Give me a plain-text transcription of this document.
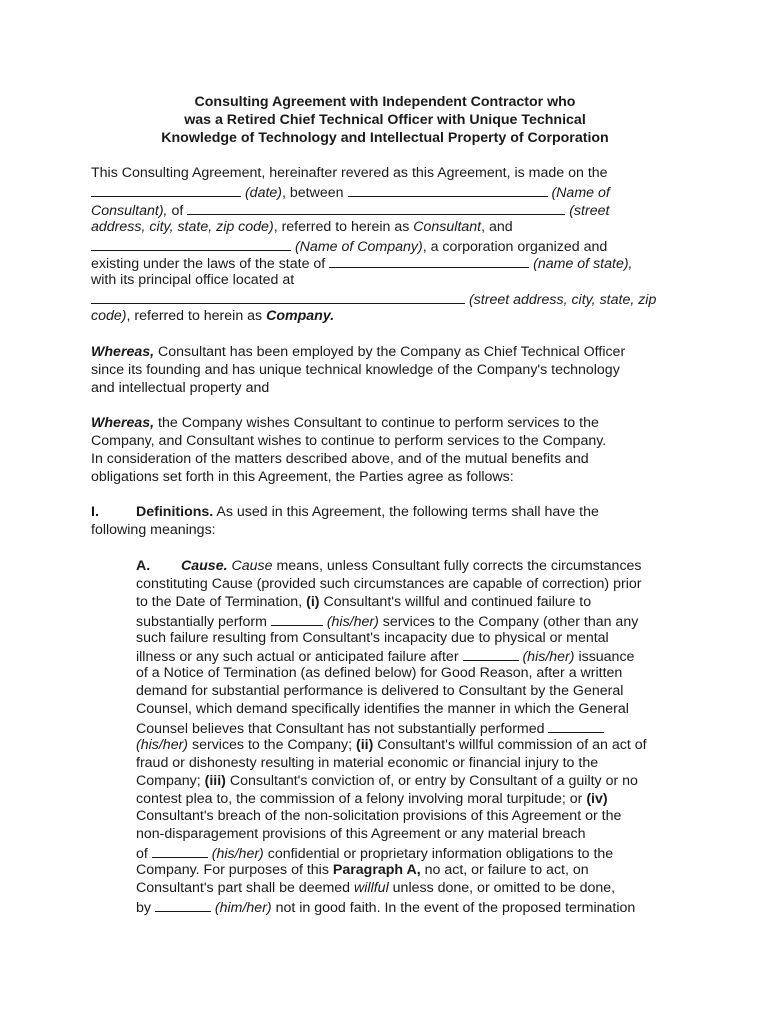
Consulting Agreement with Independent Contractor who
was a Retired Chief Technical Officer with Unique Technical
Knowledge of Technology and Intellectual Property of Corporation
This Consulting Agreement, hereinafter revered as this Agreement, is made on the
(date), between	(Name of
Consultant), of	(street
address, city, state, zip code), referred to herein as Consultant, and
(Name of Company), a corporation organized and
existing under the laws of the state of	(name of state),
with its principal office located at
(street address, city, state, zip
code), referred to herein as Company.
Whereas, Consultant has been employed by the Company as Chief Technical Officer
since its founding and has unique technical knowledge of the Company's technology
and intellectual property and
Whereas, the Company wishes Consultant to continue to perform services to the
Company, and Consultant wishes to continue to perform services to the Company.
In consideration of the matters described above, and of the mutual benefits and
obligations set forth in this Agreement, the Parties agree as follows:
I.	Definitions. As used in this Agreement, the following terms shall have the
following meanings:
A. Cause. Cause means, unless Consultant fully corrects the circumstances
constituting Cause (provided such circumstances are capable of correction) prior
to the Date of Termination, (i) Consultant's willful and continued failure to
substantially perform	(his/her) services to the Company (other than any
such failure resulting from Consultant's incapacity due to physical or mental
illness or any such actual or anticipated failure after	(his/her) issuance
of a Notice of Termination (as defined below) for Good Reason, after a written
demand for substantial performance is delivered to Consultant by the General
Counsel, which demand specifically identifies the manner in which the General
Counsel believes that Consultant has not substantially performed
(his/her) services to the Company; (ii) Consultant's willful commission of an act of
fraud or dishonesty resulting in material economic or financial injury to the
Company; (iii) Consultant's conviction of, or entry by Consultant of a guilty or no
contest plea to, the commission of a felony involving moral turpitude; or (iv)
Consultant's breach of the non-solicitation provisions of this Agreement or the
non-disparagement provisions of this Agreement or any material breach
of	(his/her) confidential or proprietary information obligations to the
Company. For purposes of this Paragraph A, no act, or failure to act, on
Consultant's part shall be deemed willful unless done, or omitted to be done,
by	(him/her) not in good faith. In the event of the proposed termination
